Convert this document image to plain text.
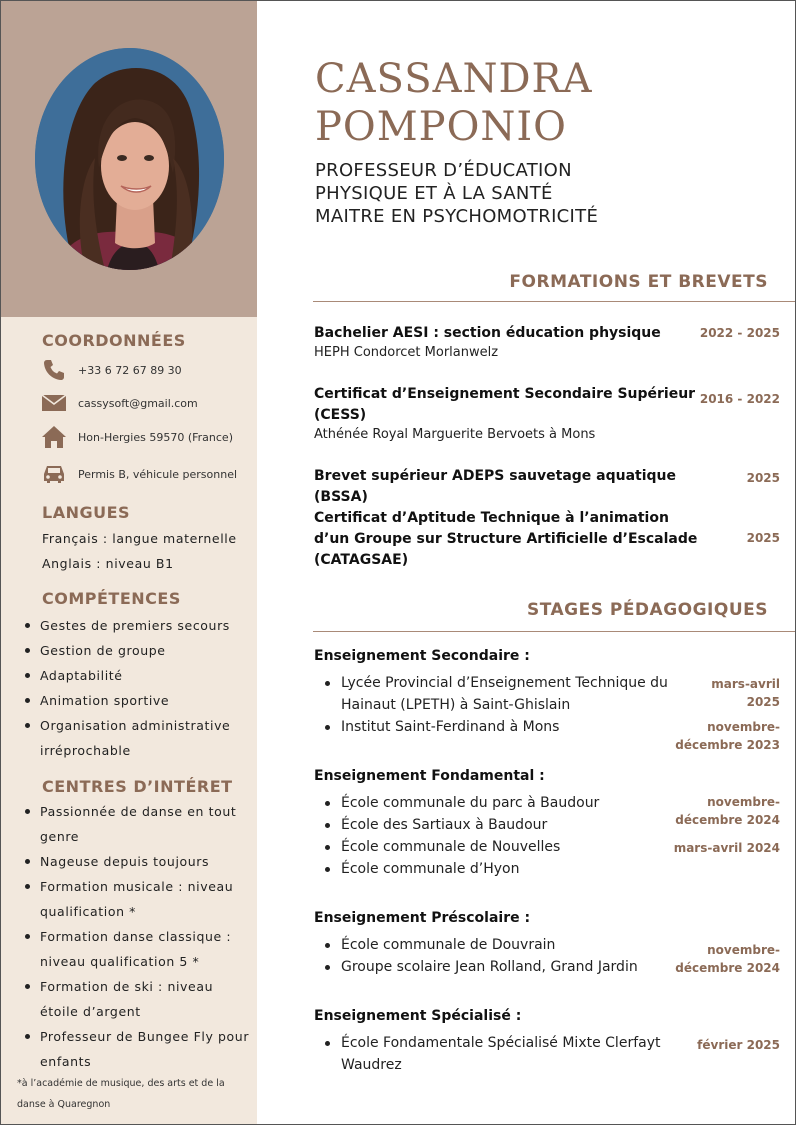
COORDONNÉES
+33 6 72 67 89 30
cassysoft@gmail.com
Hon-Hergies 59570 (France)
Permis B, véhicule personnel
LANGUES
Français : langue maternelle
Anglais : niveau B1
COMPÉTENCES
Gestes de premiers secours
Gestion de groupe
Adaptabilité
Animation sportive
Organisation administrative irréprochable
CENTRES D’INTÉRET
Passionnée de danse en tout genre
Nageuse depuis toujours
Formation musicale : niveau qualification *
Formation danse classique : niveau qualification 5 *
Formation de ski : niveau étoile d’argent
Professeur de Bungee Fly pour enfants
*à l’académie de musique, des arts et de la danse à Quaregnon
CASSANDRA
POMPONIO
PROFESSEUR D’ÉDUCATION
PHYSIQUE ET À LA SANTÉ
MAITRE EN PSYCHOMOTRICITÉ
FORMATIONS ET BREVETS
Bachelier AESI : section éducation physique
HEPH Condorcet Morlanwelz
2022 - 2025
Certificat d’Enseignement Secondaire Supérieur (CESS)
Athénée Royal Marguerite Bervoets à Mons
2016 - 2022
Brevet supérieur ADEPS sauvetage aquatique (BSSA)
2025
Certificat d’Aptitude Technique à l’animation d’un Groupe sur Structure Artificielle d’Escalade (CATAGSAE)
2025
STAGES PÉDAGOGIQUES
Enseignement Secondaire :
Lycée Provincial d’Enseignement Technique du Hainaut (LPETH) à Saint-Ghislain
Institut Saint-Ferdinand à Mons
mars-avril 2025
novembre-décembre 2023
Enseignement Fondamental :
École communale du parc à Baudour
École des Sartiaux à Baudour
École communale de Nouvelles
École communale d’Hyon
novembre-décembre 2024
mars-avril 2024
Enseignement Préscolaire :
École communale de Douvrain
Groupe scolaire Jean Rolland, Grand Jardin
novembre-décembre 2024
Enseignement Spécialisé :
École Fondamentale Spécialisé Mixte Clerfayt Waudrez
février 2025
